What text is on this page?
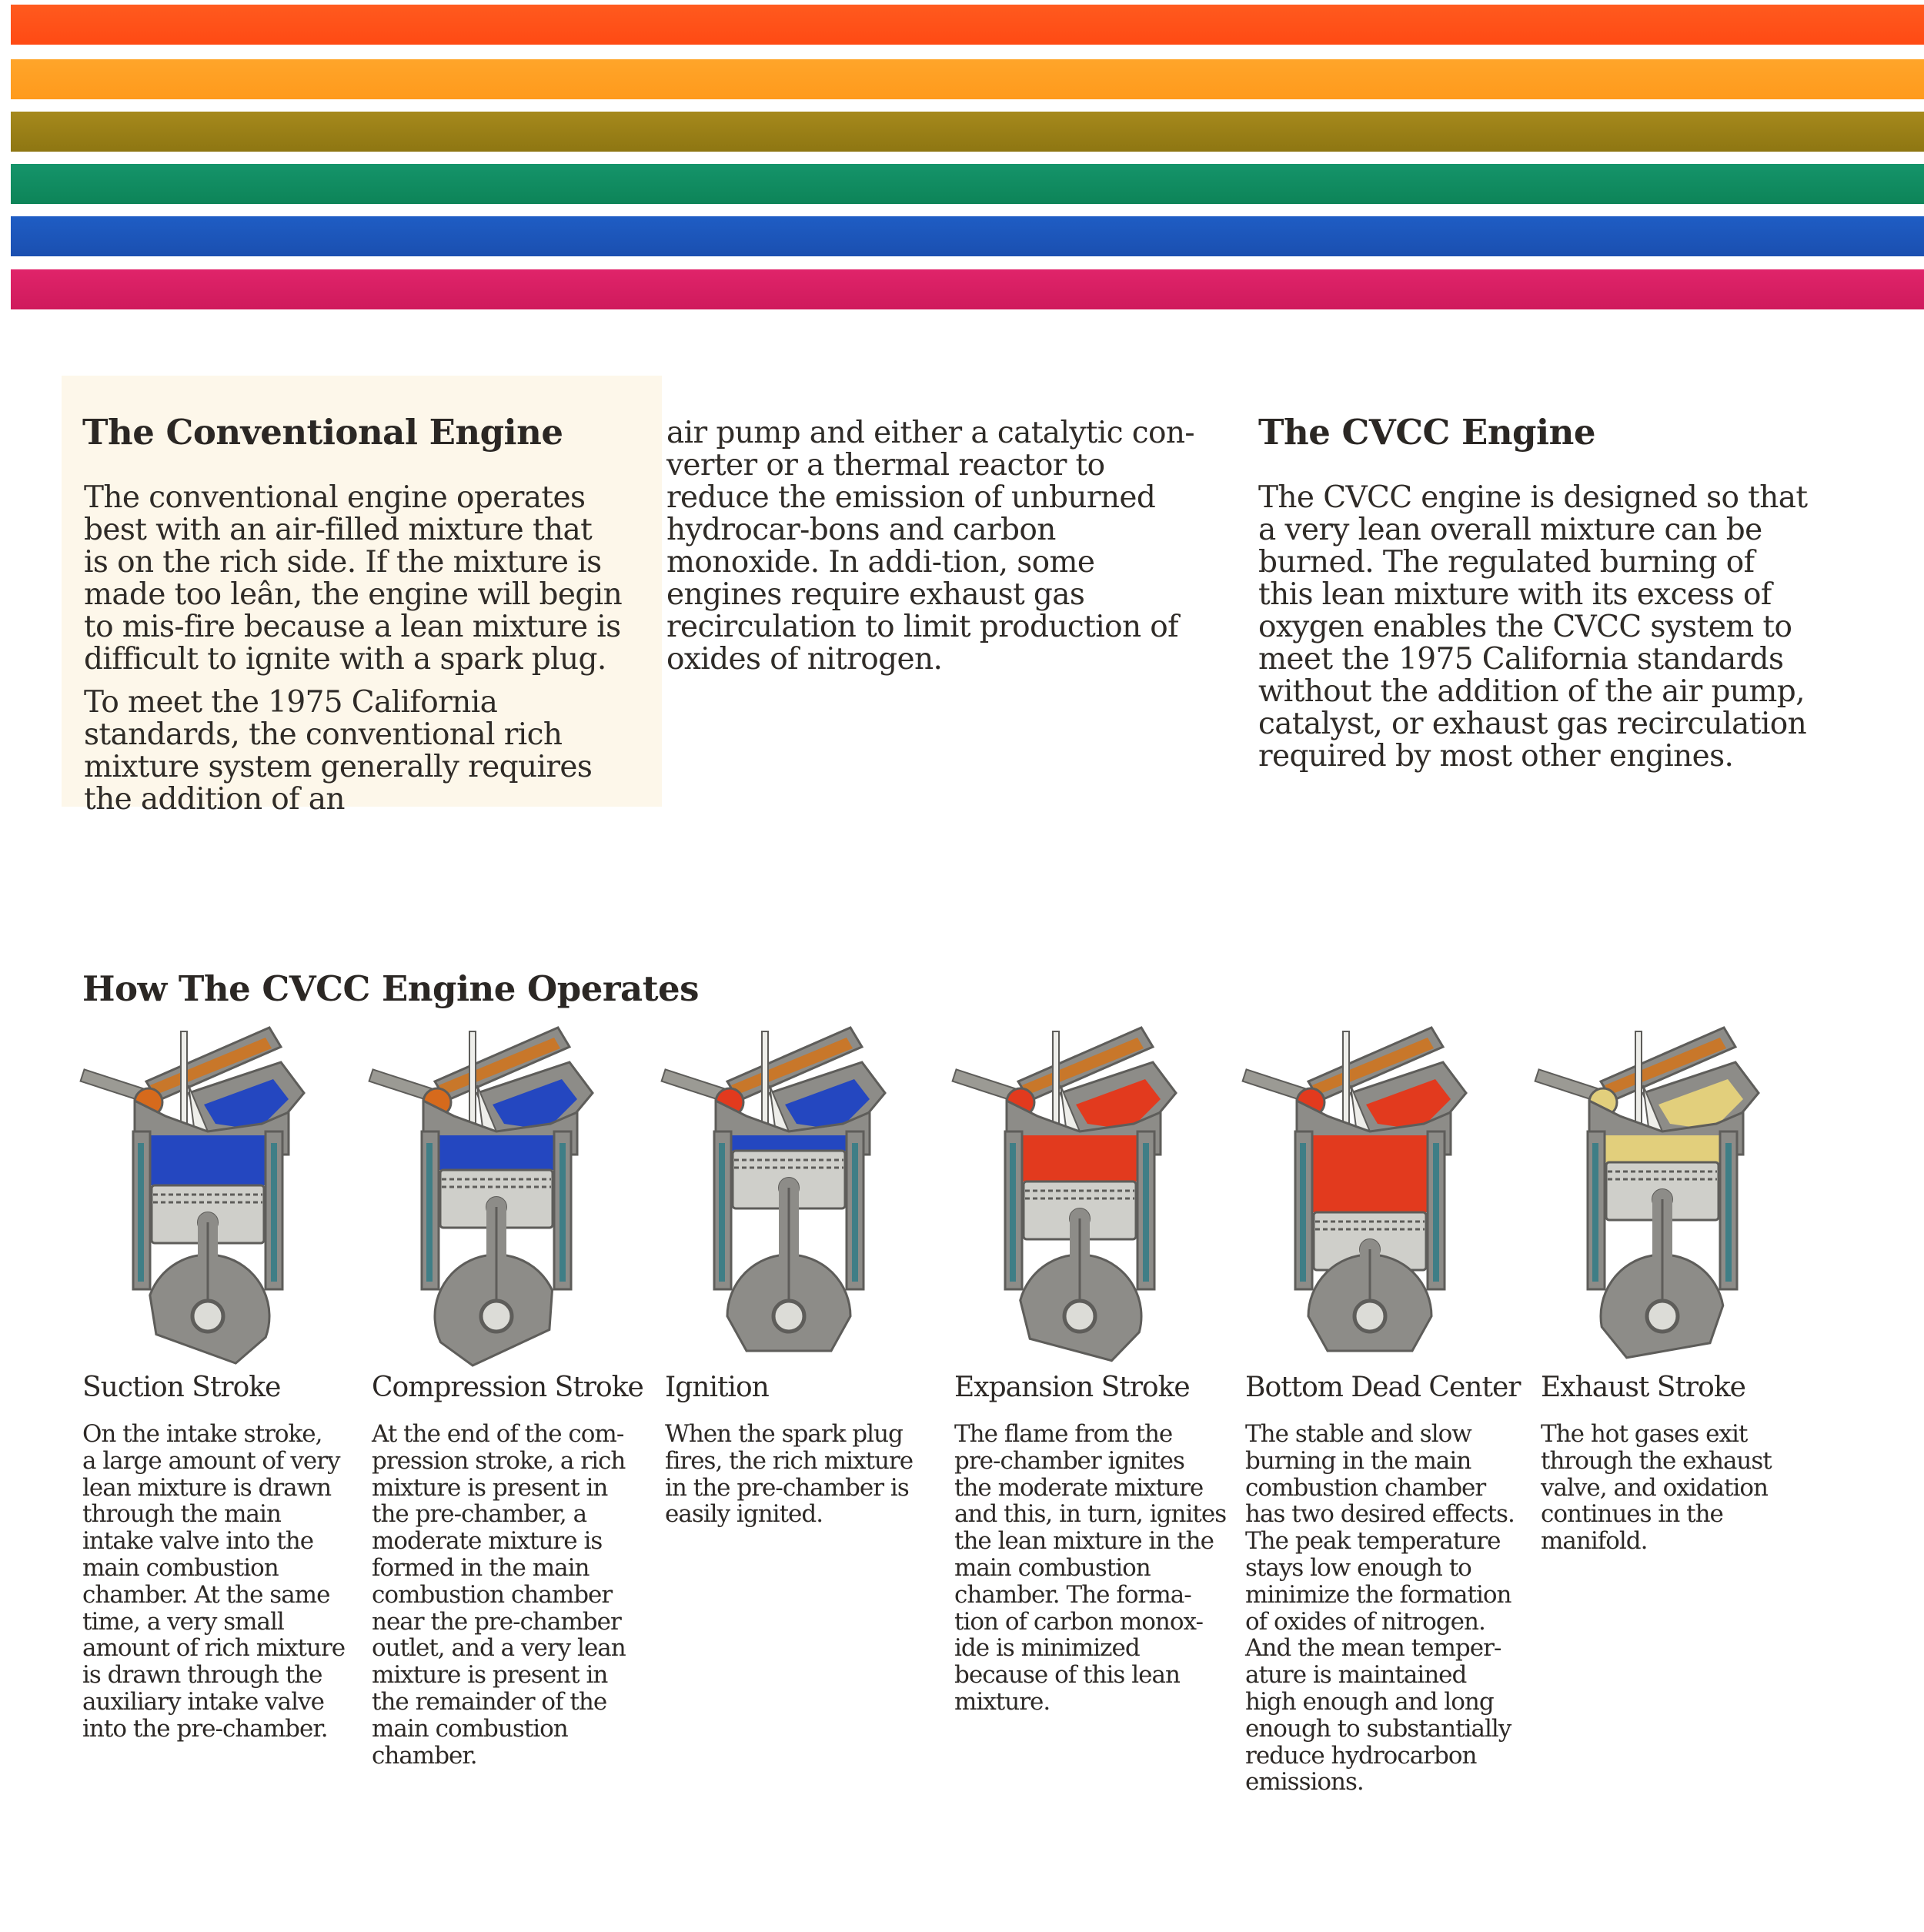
The Conventional Engine
The conventional engine operates best with an air-filled mixture that is on the rich side. If the mixture is made too leân, the engine will begin to mis-fire because a lean mixture is difficult to ignite with a spark plug.
To meet the 1975 California standards, the conventional rich mixture system generally requires the addition of an
air pump and either a catalytic con-verter or a thermal reactor to reduce the emission of unburned hydrocar-bons and carbon monoxide. In addi-tion, some engines require exhaust gas recirculation to limit production of oxides of nitrogen.
The CVCC Engine
The CVCC engine is designed so that a very lean overall mixture can be burned. The regulated burning of this lean mixture with its excess of oxygen enables the CVCC system to meet the 1975 California standards without the addition of the air pump, catalyst, or exhaust gas recirculation required by most other engines.
How The CVCC Engine Operates
Suction Stroke
On the intake stroke,
a large amount of very
lean mixture is drawn
through the main
intake valve into the
main combustion
chamber. At the same
time, a very small
amount of rich mixture
is drawn through the
auxiliary intake valve
into the pre-chamber.
Compression Stroke
At the end of the com-
pression stroke, a rich
mixture is present in
the pre-chamber, a
moderate mixture is
formed in the main
combustion chamber
near the pre-chamber
outlet, and a very lean
mixture is present in
the remainder of the
main combustion
chamber.
Ignition
When the spark plug
fires, the rich mixture
in the pre-chamber is
easily ignited.
Expansion Stroke
The flame from the
pre-chamber ignites
the moderate mixture
and this, in turn, ignites
the lean mixture in the
main combustion
chamber. The forma-
tion of carbon monox-
ide is minimized
because of this lean
mixture.
Bottom Dead Center
The stable and slow
burning in the main
combustion chamber
has two desired effects.
The peak temperature
stays low enough to
minimize the formation
of oxides of nitrogen.
And the mean temper-
ature is maintained
high enough and long
enough to substantially
reduce hydrocarbon
emissions.
Exhaust Stroke
The hot gases exit
through the exhaust
valve, and oxidation
continues in the
manifold.
